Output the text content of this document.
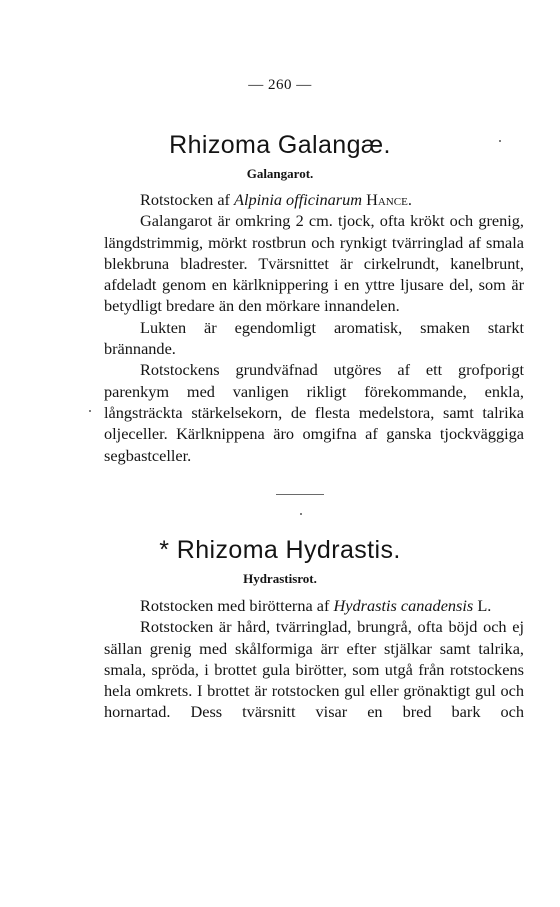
— 260 —
Rhizoma Galangæ.
Galangarot.

Rotstocken af Alpinia officinarum Hance.

Galangarot är omkring 2 cm. tjock, ofta krökt och grenig, längdstrimmig, mörkt rostbrun och rynkigt tvärringlad af smala blekbruna bladrester. Tvärsnittet är cirkelrundt, kanelbrunt, afdeladt genom en kärlknippering i en yttre ljusare del, som är betydligt bredare än den mörkare innandelen.

Lukten är egendomligt aromatisk, smaken starkt brännande.

Rotstockens grundväfnad utgöres af ett grofporigt parenkym med vanligen rikligt förekommande, enkla, långsträckta stärkelsekorn, de flesta medelstora, samt talrika oljeceller. Kärlknippena äro omgifna af ganska tjockväggiga segbastceller.

* Rhizoma Hydrastis.
Hydrastisrot.

Rotstocken med birötterna af Hydrastis canadensis L.

Rotstocken är hård, tvärringlad, brungrå, ofta böjd och ej sällan grenig med skålformiga ärr efter stjälkar samt talrika, smala, spröda, i brottet gula birötter, som utgå från rotstockens hela omkrets. I brottet är rotstocken gul eller grönaktigt gul och hornartad. Dess tvärsnitt visar en bred bark och
